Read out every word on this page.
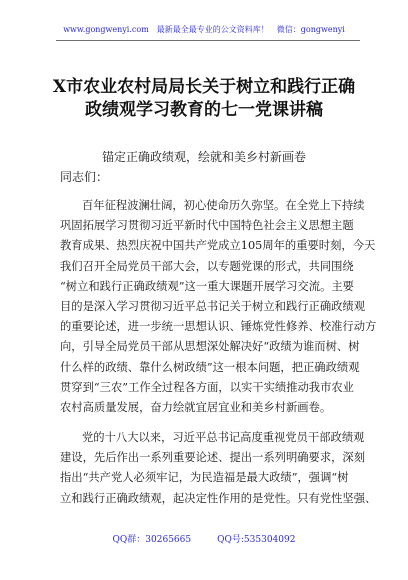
www.gongwenyi.com 最新最全最专业的公文资料库！ 微信：gongwenyi
X市农业农村局局长关于树立和践行正确
政绩观学习教育的七一党课讲稿
锚定正确政绩观，绘就和美乡村新画卷
同志们：
百年征程波澜壮阔，初心使命历久弥坚。在全党上下持续
巩固拓展学习贯彻习近平新时代中国特色社会主义思想主题
教育成果、热烈庆祝中国共产党成立105周年的重要时刻，今天
我们召开全局党员干部大会，以专题党课的形式，共同围绕
“树立和践行正确政绩观”这一重大课题开展学习交流。主要
目的是深入学习贯彻习近平总书记关于树立和践行正确政绩观
的重要论述，进一步统一思想认识、锤炼党性修养、校准行动方
向，引导全局党员干部从思想深处解决好“政绩为谁而树、树
什么样的政绩、靠什么树政绩”这一根本问题，把正确政绩观
贯穿到“三农”工作全过程各方面，以实干实绩推动我市农业
农村高质量发展，奋力绘就宜居宜业和美乡村新画卷。
党的十八大以来，习近平总书记高度重视党员干部政绩观
建设，先后作出一系列重要论述、提出一系列明确要求，深刻
指出“共产党人必须牢记，为民造福是最大政绩”，强调“树
立和践行正确政绩观，起决定性作用的是党性。只有党性坚强、
QQ群：30265665	QQ号:535304092
